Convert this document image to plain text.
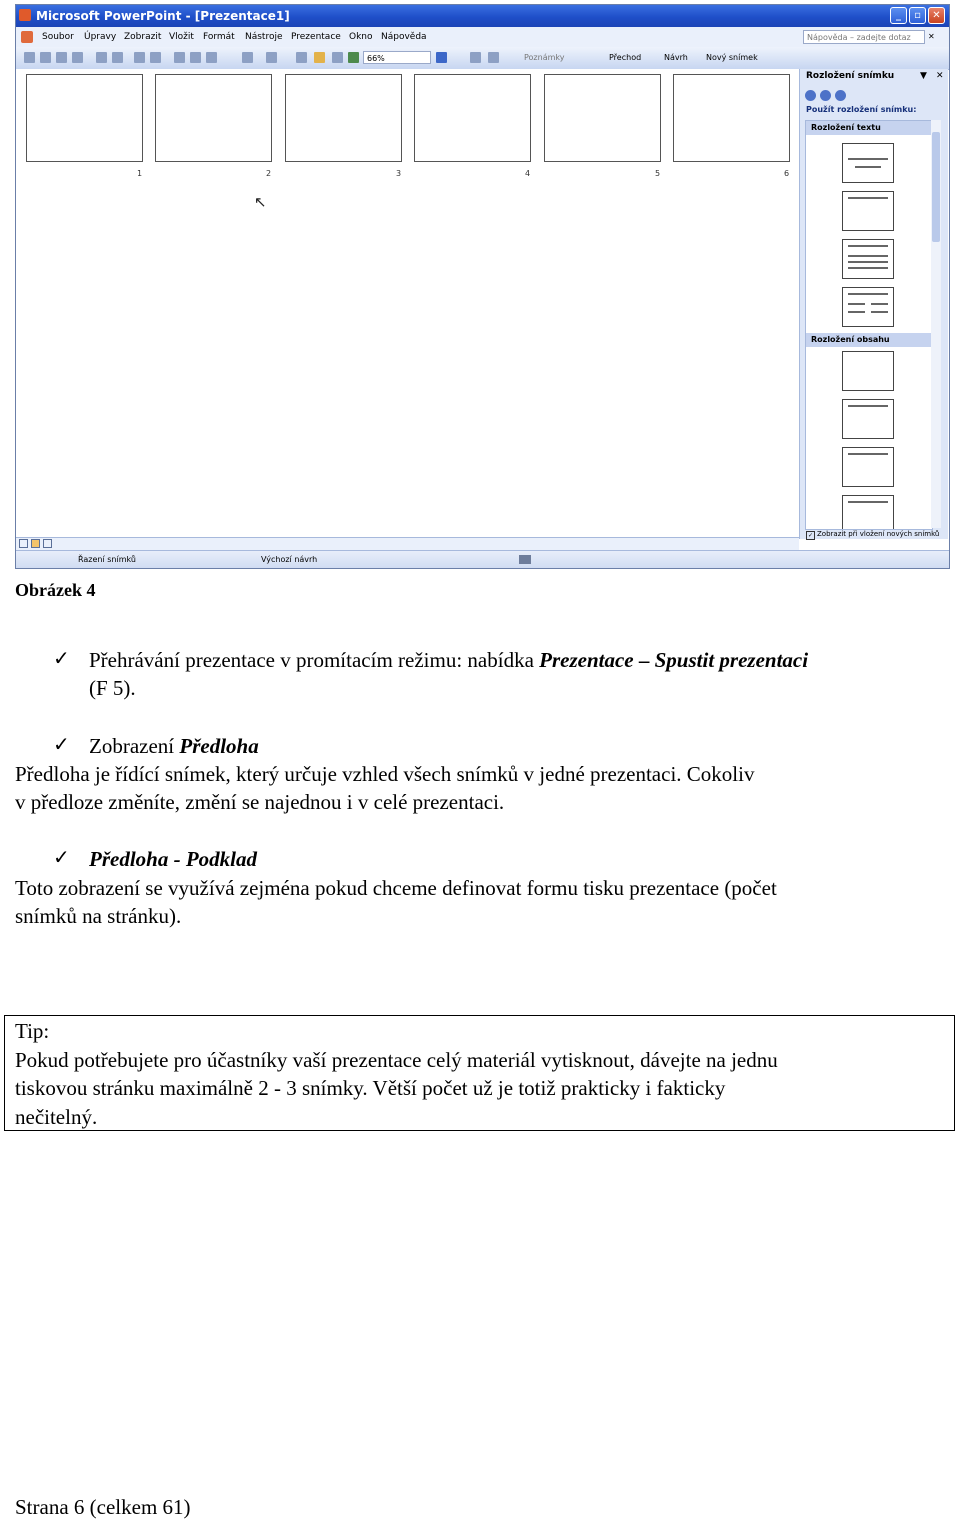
Microsoft PowerPoint - [Prezentace1]	_	▫	✕
Soubor Úpravy Zobrazit Vložit Formát Nástroje Prezentace Okno Nápověda	Nápověda – zadejte dotaz	✕
66%	Poznámky	Přechod	Návrh Nový snímek
1	2	3	4	5	6
↖
Rozložení snímku	▼ ✕
Použít rozložení snímku:
Rozložení textu
Rozložení obsahu
✓ Zobrazit při vložení nových snímků
Řazení snímků	Výchozí návrh
Obrázek 4
✓ Přehrávání prezentace v promítacím režimu: nabídka Prezentace – Spustit prezentaci
(F 5).
✓ Zobrazení Předloha
Předloha je řídící snímek, který určuje vzhled všech snímků v jedné prezentaci. Cokoliv
v předloze změníte, změní se najednou i v celé prezentaci.
✓ Předloha - Podklad
Toto zobrazení se využívá zejména pokud chceme definovat formu tisku prezentace (počet
snímků na stránku).
Tip:
Pokud potřebujete pro účastníky vaší prezentace celý materiál vytisknout, dávejte na jednu
tiskovou stránku maximálně 2 - 3 snímky. Větší počet už je totiž prakticky i fakticky
nečitelný.
Strana 6 (celkem 61)
